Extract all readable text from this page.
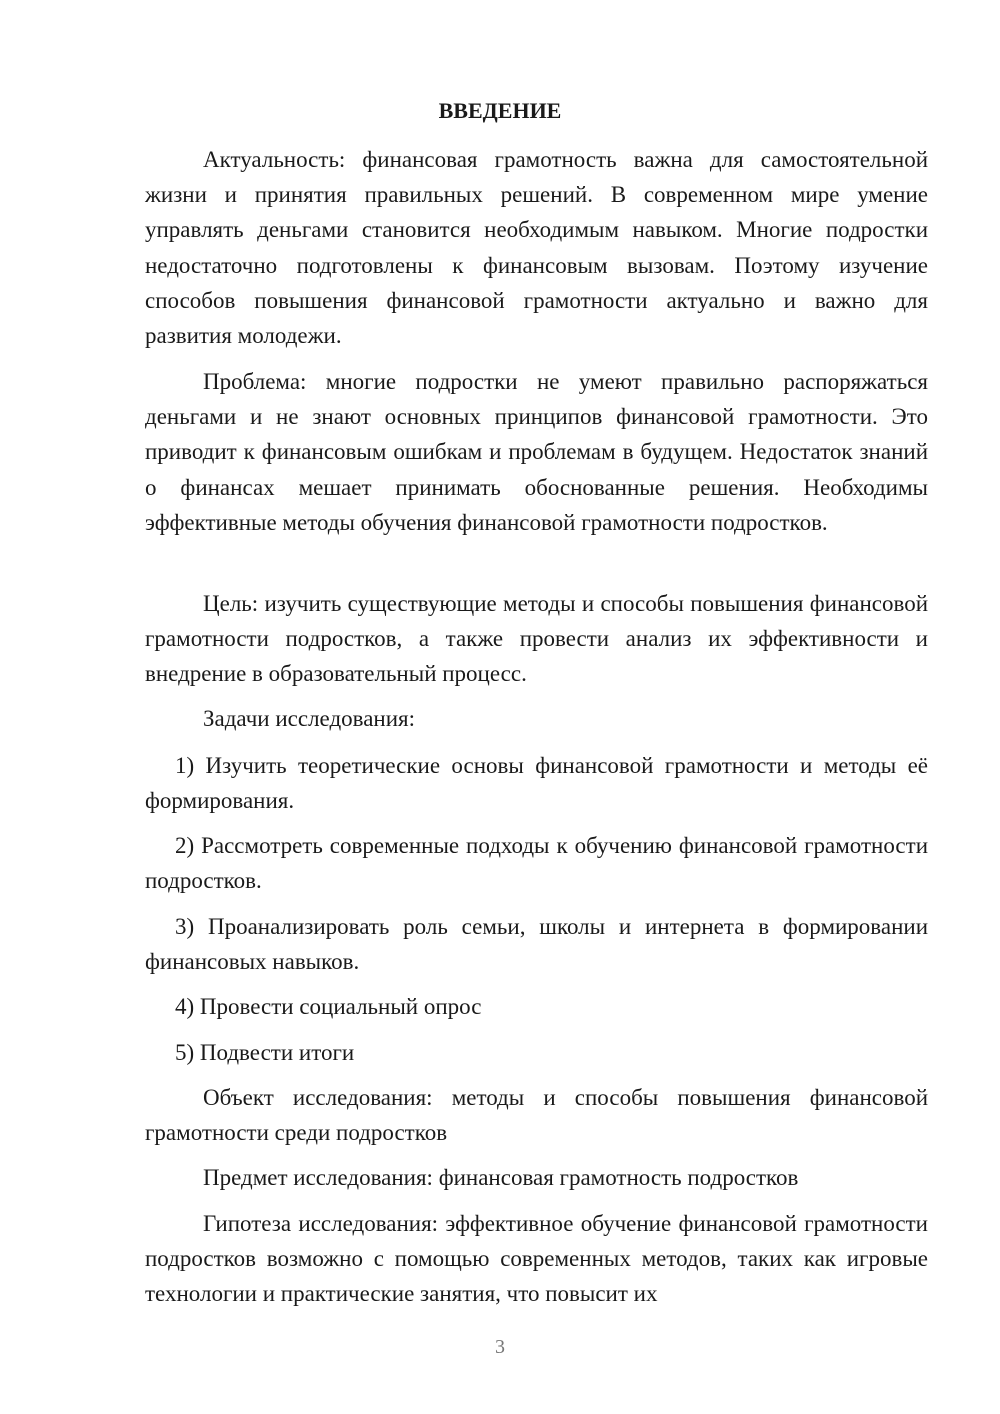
ВВЕДЕНИЕ

Актуальность: финансовая грамотность важна для самостоятельной жизни и принятия правильных решений. В современном мире умение управлять деньгами становится необходимым навыком. Многие подростки недостаточно подготовлены к финансовым вызовам. Поэтому изучение способов повышения финансовой грамотности актуально и важно для развития молодежи.

Проблема: многие подростки не умеют правильно распоряжаться деньгами и не знают основных принципов финансовой грамотности. Это приводит к финансовым ошибкам и проблемам в будущем. Недостаток знаний о финансах мешает принимать обоснованные решения. Необходимы эффективные методы обучения финансовой грамотности подростков.

Цель: изучить существующие методы и способы повышения финансовой грамотности подростков, а также провести анализ их эффективности и внедрение в образовательный процесс.

Задачи исследования:

1) Изучить теоретические основы финансовой грамотности и методы её формирования.

2) Рассмотреть современные подходы к обучению финансовой грамотности подростков.

3) Проанализировать роль семьи, школы и интернета в формировании финансовых навыков.

4) Провести социальный опрос

5) Подвести итоги

Объект исследования: методы и способы повышения финансовой грамотности среди подростков

Предмет исследования: финансовая грамотность подростков

Гипотеза исследования: эффективное обучение финансовой грамотности подростков возможно с помощью современных методов, таких как игровые технологии и практические занятия, что повысит их

3
